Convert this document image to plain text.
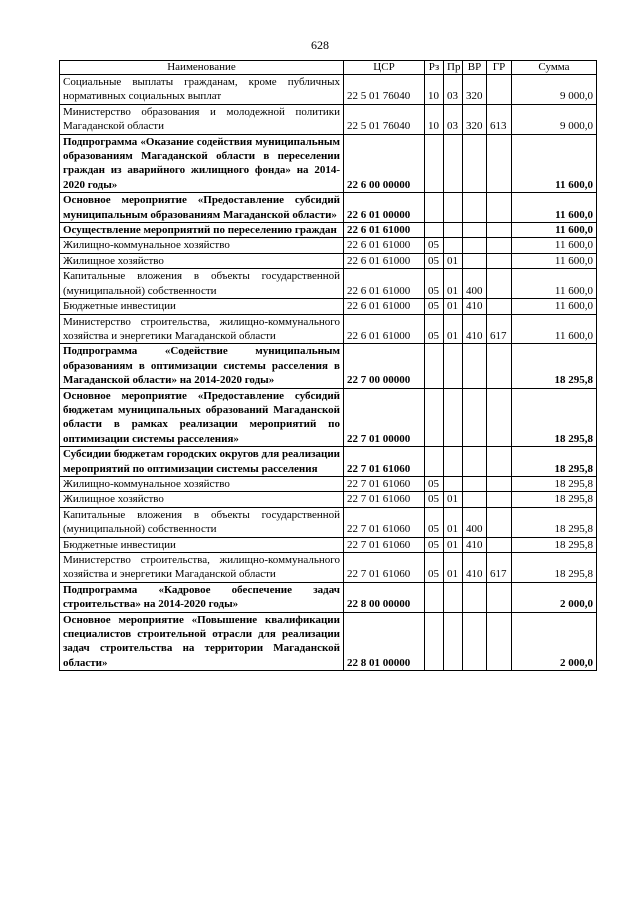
628
Наименование	ЦСР	Рз	Пр	ВР	ГР	Сумма
Социальные выплаты гражданам, кроме публичных нормативных социальных выплат	22 5 01 76040	10	03	320		9 000,0
Министерство образования и молодежной политики Магаданской области	22 5 01 76040	10	03	320	613	9 000,0
Подпрограмма «Оказание содействия муниципальным образованиям Магаданской области в переселении граждан из аварийного жилищного фонда» на 2014-2020 годы»	22 6 00 00000					11 600,0
Основное мероприятие «Предоставление субсидий муниципальным образованиям Магаданской области»	22 6 01 00000					11 600,0
Осуществление мероприятий по переселению граждан	22 6 01 61000					11 600,0
Жилищно-коммунальное хозяйство	22 6 01 61000	05				11 600,0
Жилищное хозяйство	22 6 01 61000	05	01			11 600,0
Капитальные вложения в объекты государственной (муниципальной) собственности	22 6 01 61000	05	01	400		11 600,0
Бюджетные инвестиции	22 6 01 61000	05	01	410		11 600,0
Министерство строительства, жилищно-коммунального хозяйства и энергетики Магаданской области	22 6 01 61000	05	01	410	617	11 600,0
Подпрограмма «Содействие муниципальным образованиям в оптимизации системы расселения в Магаданской области» на 2014-2020 годы»	22 7 00 00000					18 295,8
Основное мероприятие «Предоставление субсидий бюджетам муниципальных образований Магаданской области в рамках реализации мероприятий по оптимизации системы расселения»	22 7 01 00000					18 295,8
Субсидии бюджетам городских округов для реализации мероприятий по оптимизации системы расселения	22 7 01 61060					18 295,8
Жилищно-коммунальное хозяйство	22 7 01 61060	05				18 295,8
Жилищное хозяйство	22 7 01 61060	05	01			18 295,8
Капитальные вложения в объекты государственной (муниципальной) собственности	22 7 01 61060	05	01	400		18 295,8
Бюджетные инвестиции	22 7 01 61060	05	01	410		18 295,8
Министерство строительства, жилищно-коммунального хозяйства и энергетики Магаданской области	22 7 01 61060	05	01	410	617	18 295,8
Подпрограмма «Кадровое обеспечение задач строительства» на 2014-2020 годы»	22 8 00 00000					2 000,0
Основное мероприятие «Повышение квалификации специалистов строительной отрасли для реализации задач строительства на территории Магаданской области»	22 8 01 00000					2 000,0
